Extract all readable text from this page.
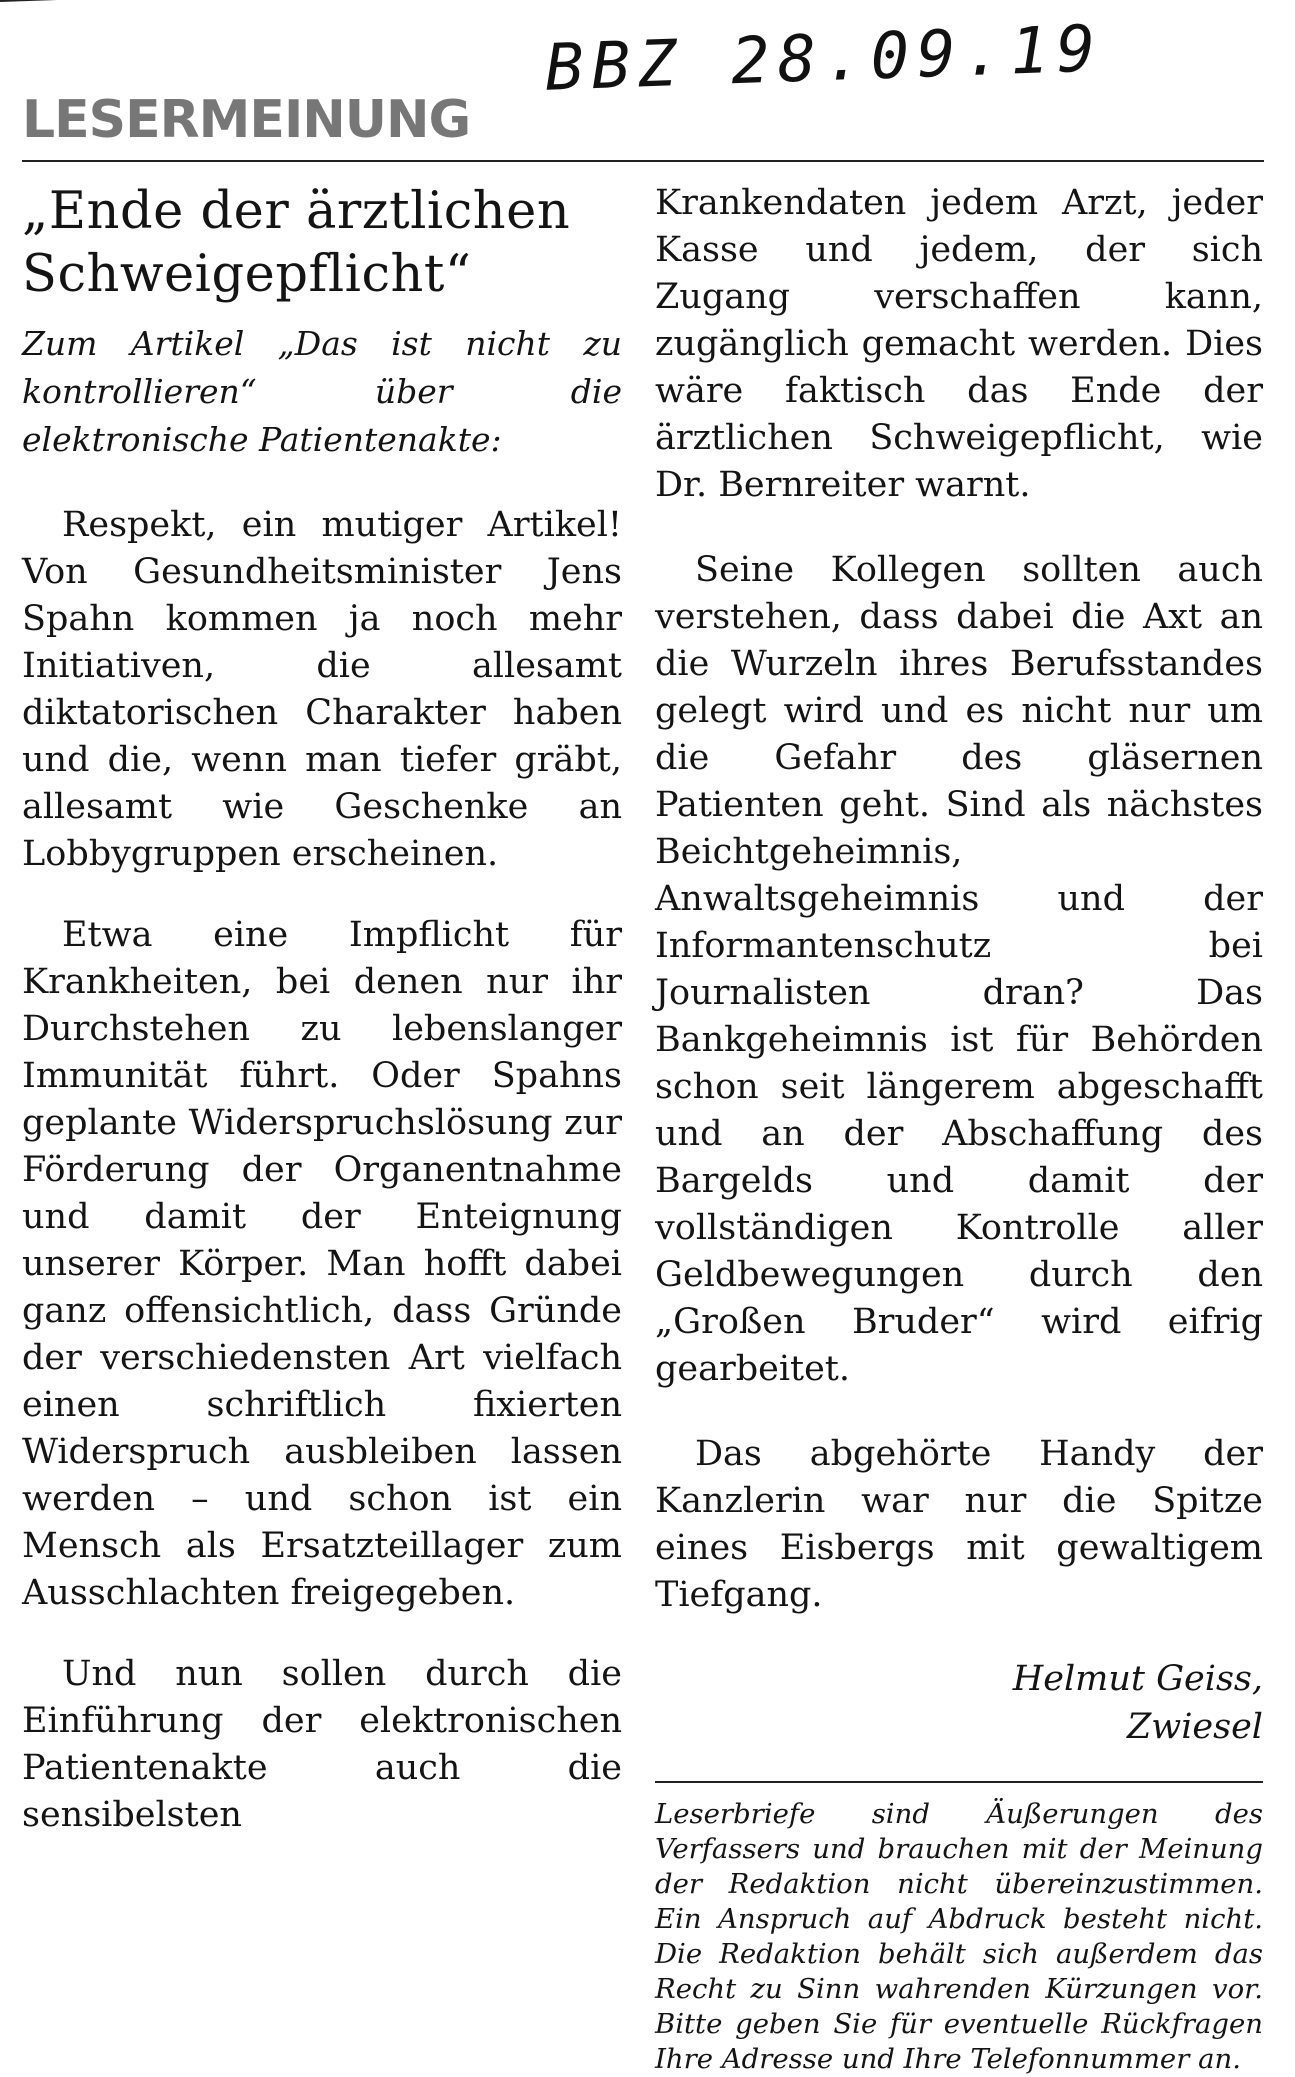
BBZ 28.09.19
LESERMEINUNG
„Ende der ärztlichen Schweigepflicht“

Zum Artikel „Das ist nicht zu kontrollieren“ über die elektronische Patientenakte:

Respekt, ein mutiger Artikel! Von Gesundheitsminister Jens Spahn kommen ja noch mehr Initiativen, die allesamt diktatorischen Charakter haben und die, wenn man tiefer gräbt, allesamt wie Geschenke an Lobbygruppen erscheinen.

Etwa eine Impflicht für Krankheiten, bei denen nur ihr Durchstehen zu lebenslanger Immunität führt. Oder Spahns geplante Widerspruchslösung zur Förderung der Organentnahme und damit der Enteignung unserer Körper. Man hofft dabei ganz offensichtlich, dass Gründe der verschiedensten Art vielfach einen schriftlich fixierten Widerspruch ausbleiben lassen werden – und schon ist ein Mensch als Ersatzteillager zum Ausschlachten freigegeben.

Und nun sollen durch die Einführung der elektronischen Patientenakte auch die sensibelsten

Krankendaten jedem Arzt, jeder Kasse und jedem, der sich Zugang verschaffen kann, zugänglich gemacht werden. Dies wäre faktisch das Ende der ärztlichen Schweigepflicht, wie Dr. Bernreiter warnt.

Seine Kollegen sollten auch verstehen, dass dabei die Axt an die Wurzeln ihres Berufsstandes gelegt wird und es nicht nur um die Gefahr des gläsernen Patienten geht. Sind als nächstes Beichtgeheimnis, Anwaltsgeheimnis und der Informantenschutz bei Journalisten dran? Das Bankgeheimnis ist für Behörden schon seit längerem abgeschafft und an der Abschaffung des Bargelds und damit der vollständigen Kontrolle aller Geldbewegungen durch den „Großen Bruder“ wird eifrig gearbeitet.

Das abgehörte Handy der Kanzlerin war nur die Spitze eines Eisbergs mit gewaltigem Tiefgang.

Helmut Geiss,
Zwiesel

Leserbriefe sind Äußerungen des Verfassers und brauchen mit der Meinung der Redaktion nicht übereinzustimmen. Ein Anspruch auf Abdruck besteht nicht. Die Redaktion behält sich außerdem das Recht zu Sinn wahrenden Kürzungen vor. Bitte geben Sie für eventuelle Rückfragen Ihre Adresse und Ihre Telefonnummer an.
